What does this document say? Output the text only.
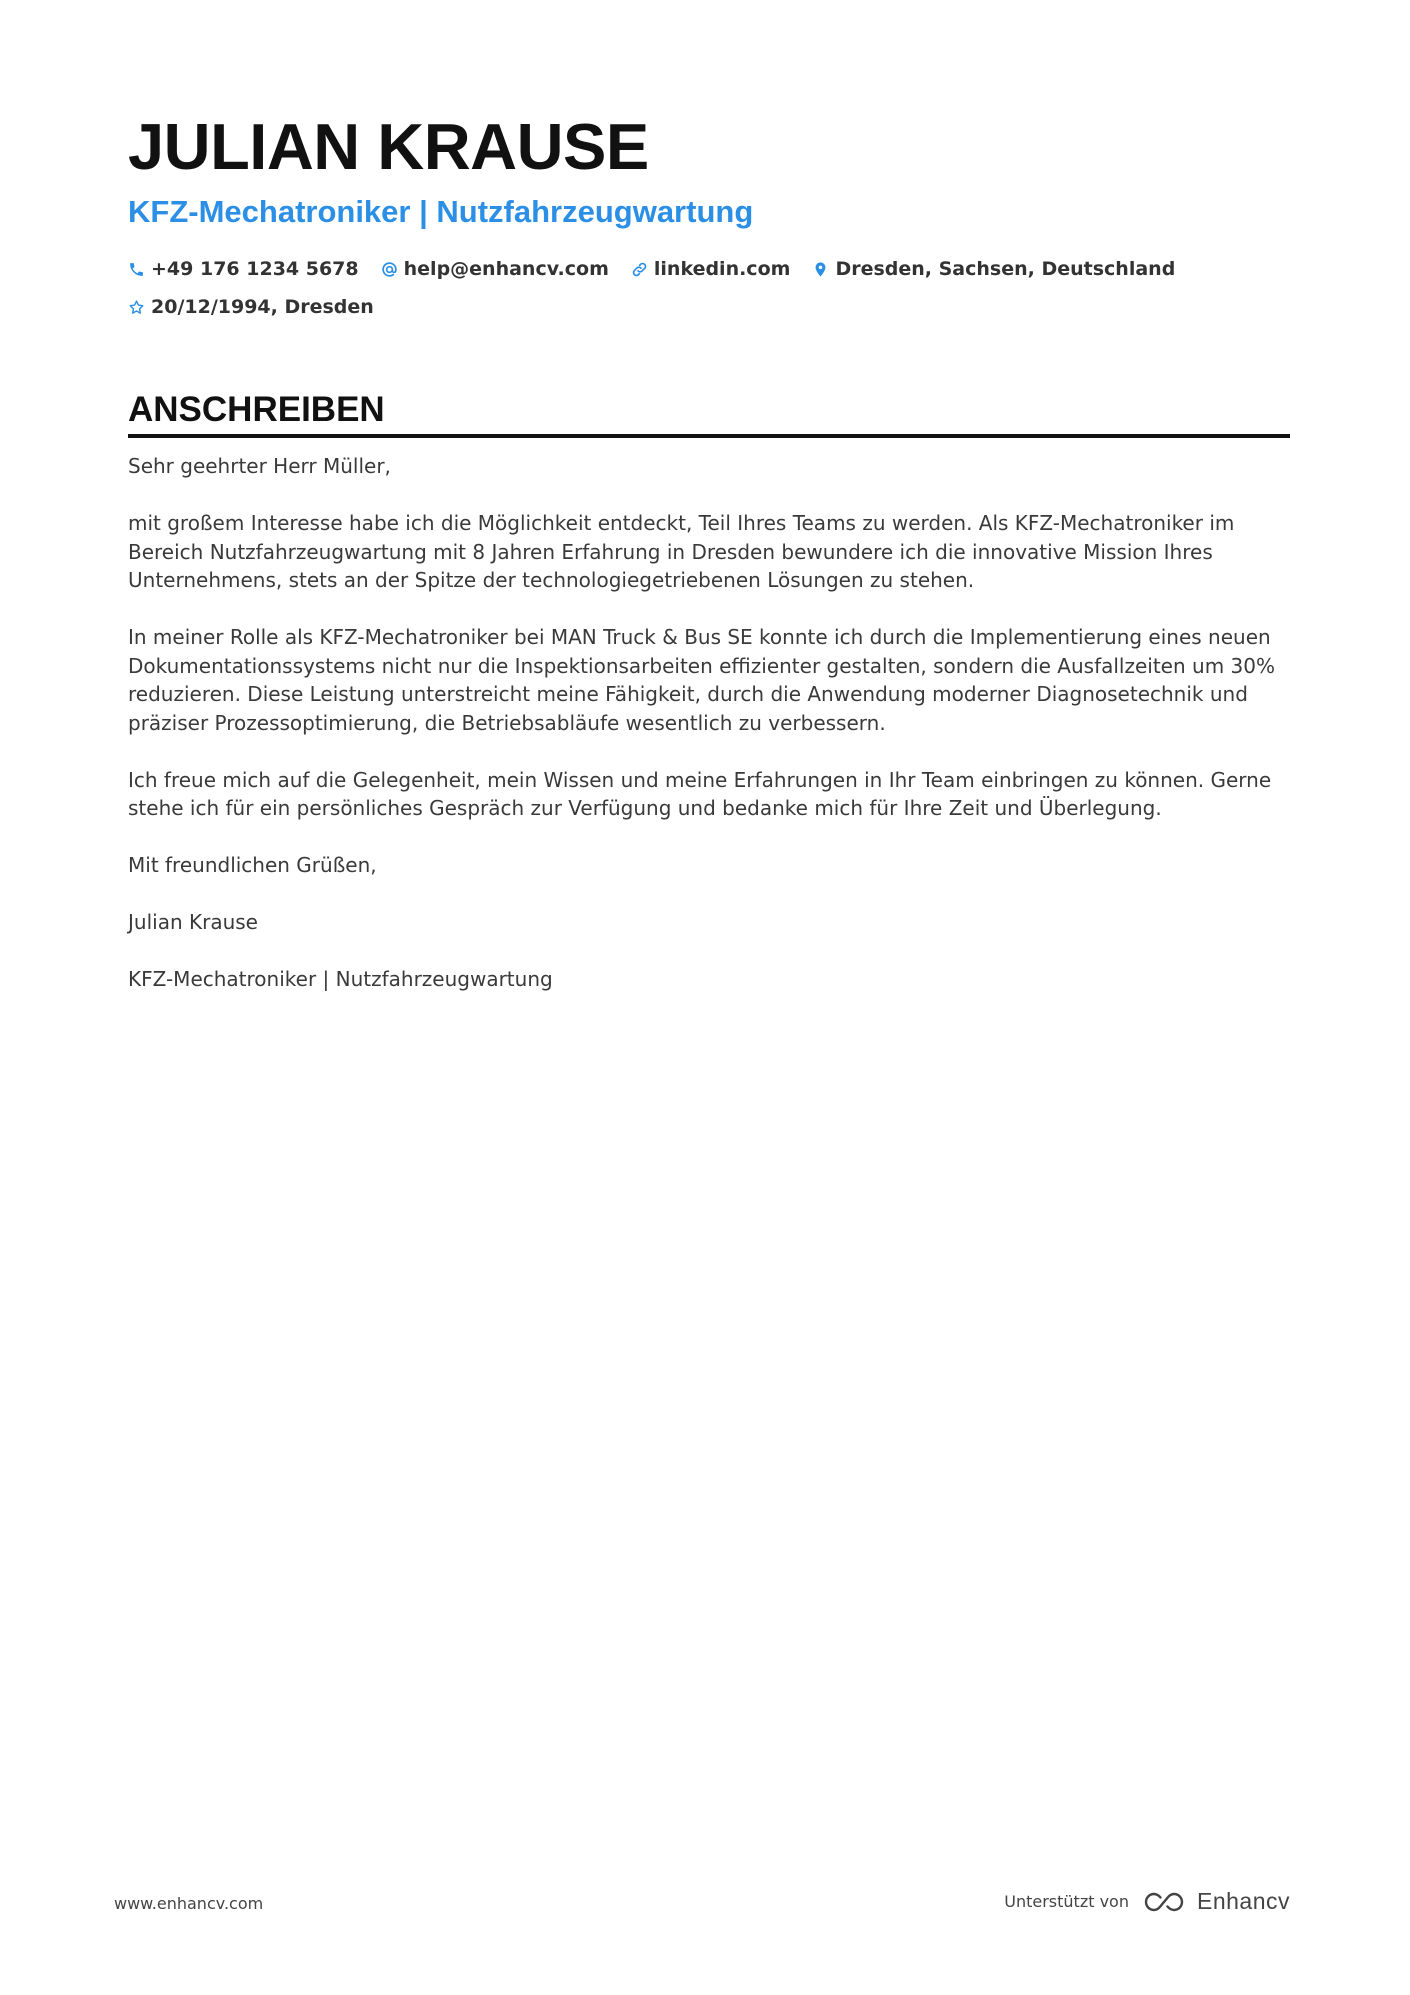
JULIAN KRAUSE
KFZ-Mechatroniker | Nutzfahrzeugwartung
+49 176 1234 5678 help@enhancv.com linkedin.com Dresden, Sachsen, Deutschland
20/12/1994, Dresden
ANSCHREIBEN

Sehr geehrter Herr Müller,

mit großem Interesse habe ich die Möglichkeit entdeckt, Teil Ihres Teams zu werden. Als KFZ-Mechatroniker im Bereich Nutzfahrzeugwartung mit 8 Jahren Erfahrung in Dresden bewundere ich die innovative Mission Ihres Unternehmens, stets an der Spitze der technologiegetriebenen Lösungen zu stehen.

In meiner Rolle als KFZ-Mechatroniker bei MAN Truck & Bus SE konnte ich durch die Implementierung eines neuen Dokumentationssystems nicht nur die Inspektionsarbeiten effizienter gestalten, sondern die Ausfallzeiten um 30% reduzieren. Diese Leistung unterstreicht meine Fähigkeit, durch die Anwendung moderner Diagnosetechnik und präziser Prozessoptimierung, die Betriebsabläufe wesentlich zu verbessern.

Ich freue mich auf die Gelegenheit, mein Wissen und meine Erfahrungen in Ihr Team einbringen zu können. Gerne stehe ich für ein persönliches Gespräch zur Verfügung und bedanke mich für Ihre Zeit und Überlegung.

Mit freundlichen Grüßen,

Julian Krause

KFZ-Mechatroniker | Nutzfahrzeugwartung

www.enhancv.com	Unterstützt von	Enhancv
